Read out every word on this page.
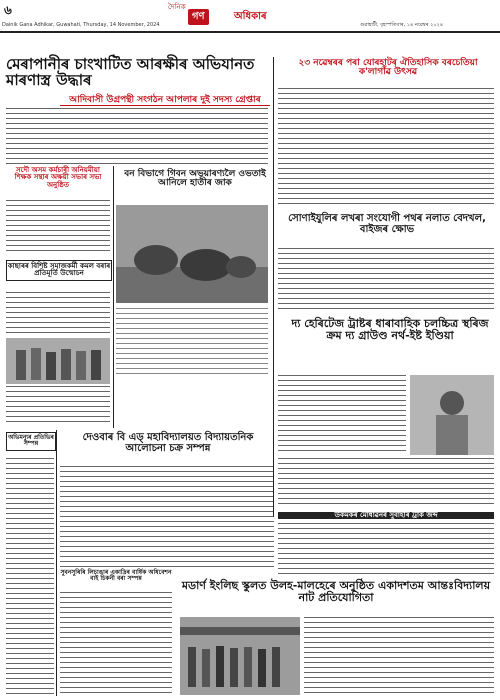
৬	দৈনিক
গণ	অধিকাৰ
Dainik Gana Adhikar, Guwahati, Thursday, 14 November, 2024	গুৱাহাটী, বৃহস্পতিবাৰ, ১৪ নৱেম্বৰ ২০২৪
মেৰাপানীৰ চাংখাটিত আৰক্ষীৰ অভিযানত মাৰণাস্ত্ৰ উদ্ধাৰ
আদিবাসী উগ্ৰপন্থী সংগঠন আপলাৰ দুই সদস্য গ্ৰেপ্তাৰ
সদৌ অসম কৰ্মচাৰী অনিয়মীয়া শিক্ষক সন্থাৰ অক্ষয়ী সভাৰ সভা অনুষ্ঠিত
বন বিভাগে গিবন অভয়াৰণ্যলৈ ওভতাই আনিলে হাতীৰ জাক
২৩ নৱেম্বৰৰ পৰা যোৰহাটৰ ঐতিহাসিক বৰচেতিয়া ক'লাগাঁৱ উৎসৱ
সোণাইযুলিৰ লখৰা সংযোগী পথৰ নলাত বেদখল, বাইজৰ ক্ষোভ
কাছাৰৰ বিশিষ্ট সমাজকৰ্মী কমল বৰাৰ প্ৰতিমূৰ্তি উন্মোচন
দ্য হেৰিটেজ ট্ৰাষ্টৰ ধাৰাবাহিক চলচ্চিত্ৰ স্থৰিজ ক্ৰম দ্য গ্ৰাউণ্ড নৰ্থ-ইষ্ট ইণ্ডিয়া
অভিমন্যুৰ প্ৰতিভিৰ সম্পন্ন
দেওবাৰ বি এড্ মহাবিদ্যালয়ত বিদ্যায়তনিক আলোচনা চক্ৰ সম্পন্ন
উকমকৰ মোধাৱনৰ সুবাহৰি ট্ৰাক জব্দ
সুবনসুৰিৰি লিচাঙাৰ একাদ্ৰিৰ বাৰ্ষিক অধিবেশন বাই চিকনী বৰা সম্পন্ন
মডাৰ্ণ ইংলিছ স্কুলত উলহ-মালহেৰে অনুষ্ঠিত একাদশতম আন্তঃবিদ্যালয় নাট প্ৰতিযোগিতা
